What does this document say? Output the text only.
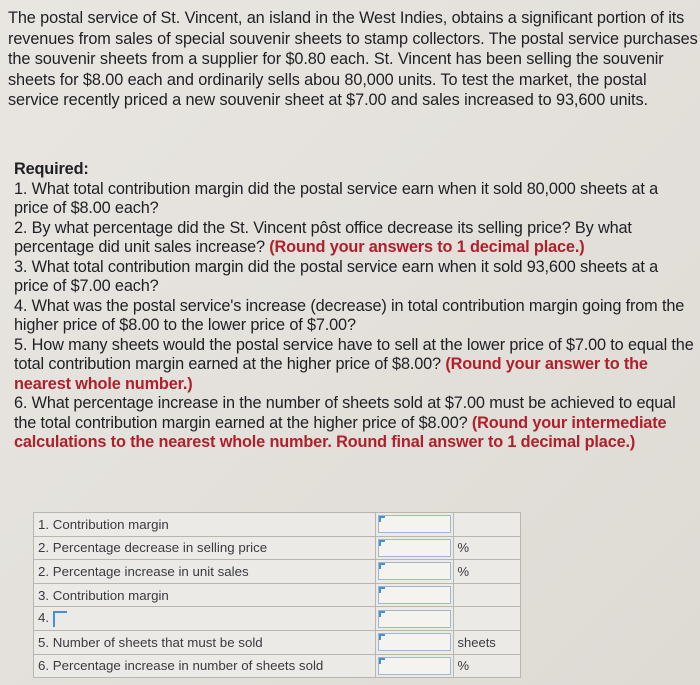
The postal service of St. Vincent, an island in the West Indies, obtains a significant portion of its revenues from sales of special souvenir sheets to stamp collectors. The postal service purchases the souvenir sheets from a supplier for $0.80 each. St. Vincent has been selling the souvenir sheets for $8.00 each and ordinarily sells abou 80,000 units. To test the market, the postal service recently priced a new souvenir sheet at $7.00 and sales increased to 93,600 units.

Required:

1. What total contribution margin did the postal service earn when it sold 80,000 sheets at a price of $8.00 each?

2. By what percentage did the St. Vincent pôst office decrease its selling price? By what percentage did unit sales increase? (Round your answers to 1 decimal place.)

3. What total contribution margin did the postal service earn when it sold 93,600 sheets at a price of $7.00 each?

4. What was the postal service's increase (decrease) in total contribution margin going from the higher price of $8.00 to the lower price of $7.00?

5. How many sheets would the postal service have to sell at the lower price of $7.00 to equal the total contribution margin earned at the higher price of $8.00? (Round your answer to the nearest whole number.)

6. What percentage increase in the number of sheets sold at $7.00 must be achieved to equal the total contribution margin earned at the higher price of $8.00? (Round your intermediate calculations to the nearest whole number. Round final answer to 1 decimal place.)

1. Contribution margin	

2. Percentage decrease in selling price		%
2. Percentage increase in unit sales		%
3. Contribution margin	

4.	

5. Number of sheets that must be sold		sheets
6. Percentage increase in number of sheets sold		%
